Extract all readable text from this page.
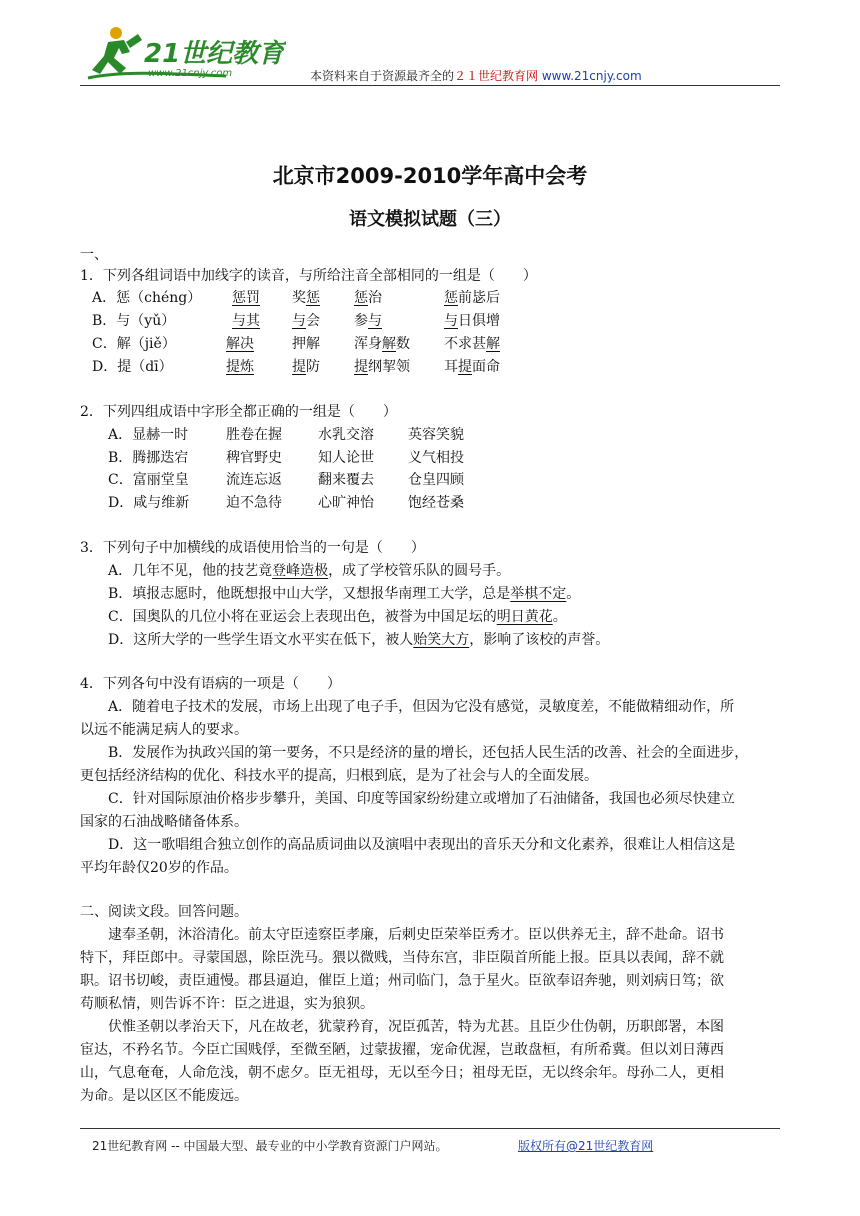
21世纪教育
www.21cnjy.com	本资料来自于资源最齐全的２１世纪教育网 www.21cnjy.com
北京市2009-2010学年高中会考
语文模拟试题（三）
一、
1．下列各组词语中加线字的读音，与所给注音全部相同的一组是（　　）
A．惩（chéng） 惩罚 奖惩 惩治	惩前毖后
B．与（yǔ）	与其 与会 参与	与日俱增
C．解（jiě）	解决	押解 浑身解数 不求甚解
D．提（dī）	提炼	提防 提纲挈领 耳提面命
2．下列四组成语中字形全都正确的一组是（　　）
A．显赫一时	胜卷在握	水乳交溶 英容笑貌
B．腾挪迭宕	稗官野史	知人论世 义气相投
C．富丽堂皇	流连忘返	翻来覆去 仓皇四顾
D．咸与维新	迫不急待	心旷神怡 饱经苍桑
3．下列句子中加横线的成语使用恰当的一句是（　　）
A．几年不见，他的技艺竟登峰造极，成了学校管乐队的圆号手。
B．填报志愿时，他既想报中山大学，又想报华南理工大学，总是举棋不定。
C．国奥队的几位小将在亚运会上表现出色，被誉为中国足坛的明日黄花。
D．这所大学的一些学生语文水平实在低下，被人贻笑大方，影响了该校的声誉。
4．下列各句中没有语病的一项是（　　）
A．随着电子技术的发展，市场上出现了电子手，但因为它没有感觉，灵敏度差，不能做精细动作，所
以远不能满足病人的要求。
B．发展作为执政兴国的第一要务，不只是经济的量的增长，还包括人民生活的改善、社会的全面进步，
更包括经济结构的优化、科技水平的提高，归根到底，是为了社会与人的全面发展。
C．针对国际原油价格步步攀升，美国、印度等国家纷纷建立或增加了石油储备，我国也必须尽快建立
国家的石油战略储备体系。
D．这一歌唱组合独立创作的高品质词曲以及演唱中表现出的音乐天分和文化素养，很难让人相信这是
平均年龄仅20岁的作品。
二、阅读文段。回答问题。
逮奉圣朝，沐浴清化。前太守臣逵察臣孝廉，后刺史臣荣举臣秀才。臣以供养无主，辞不赴命。诏书
特下，拜臣郎中。寻蒙国恩，除臣洗马。猥以微贱，当侍东宫，非臣陨首所能上报。臣具以表闻，辞不就
职。诏书切峻，责臣逋慢。郡县逼迫，催臣上道；州司临门，急于星火。臣欲奉诏奔驰，则刘病日笃；欲
苟顺私情，则告诉不许：臣之进退，实为狼狈。
伏惟圣朝以孝治天下，凡在故老，犹蒙矜育，况臣孤苦，特为尤甚。且臣少仕伪朝，历职郎署，本图
宦达，不矜名节。今臣亡国贱俘，至微至陋，过蒙拔擢，宠命优渥，岂敢盘桓，有所希冀。但以刘日薄西
山，气息奄奄，人命危浅，朝不虑夕。臣无祖母，无以至今日；祖母无臣，无以终余年。母孙二人，更相
为命。是以区区不能废远。
21世纪教育网 -- 中国最大型、最专业的中小学教育资源门户网站。	版权所有@21世纪教育网
